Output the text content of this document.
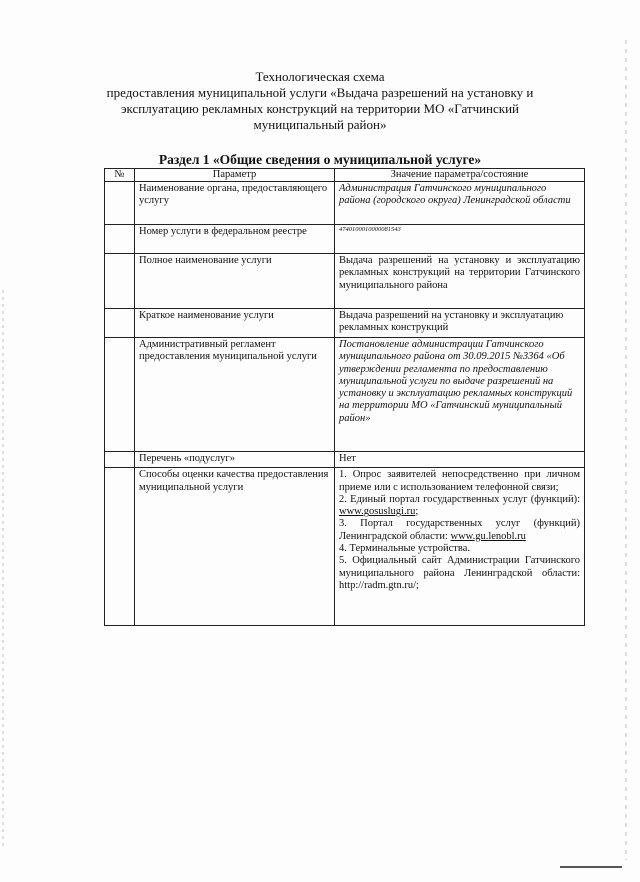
Технологическая схема
предоставления муниципальной услуги «Выдача разрешений на установку и
эксплуатацию рекламных конструкций на территории МО «Гатчинский
муниципальный район»
Раздел 1 «Общие сведения о муниципальной услуге»
№	Параметр	Значение параметра/состояние
	Наименование органа, предоставляющего услугу	Администрация Гатчинского муниципального района (городского округа) Ленинградской области
	Номер услуги в федеральном реестре	4740100010000081543
	Полное наименование услуги	Выдача разрешений на установку и эксплуатацию рекламных конструкций на территории Гатчинского муниципального района
	Краткое наименование услуги	Выдача разрешений на установку и эксплуатацию рекламных конструкций
	Административный регламент предоставления муниципальной услуги	Постановление администрации Гатчинского муниципального района от 30.09.2015 №3364 «Об утверждении регламента по предоставлению муниципальной услуги по выдаче разрешений на установку и эксплуатацию рекламных конструкций на территории МО «Гатчинский муниципальный район»
	Перечень «подуслуг»	Нет
	Способы оценки качества предоставления муниципальной услуги	1. Опрос заявителей непосредственно при личном приеме или с использованием телефонной связи;
2. Единый портал государственных услуг (функций): www.gosuslugi.ru;
3. Портал государственных услуг (функций) Ленинградской области: www.gu.lenobl.ru
4. Терминальные устройства.
5. Официальный сайт Администрации Гатчинского муниципального района Ленинградской области: http://radm.gtn.ru/;
